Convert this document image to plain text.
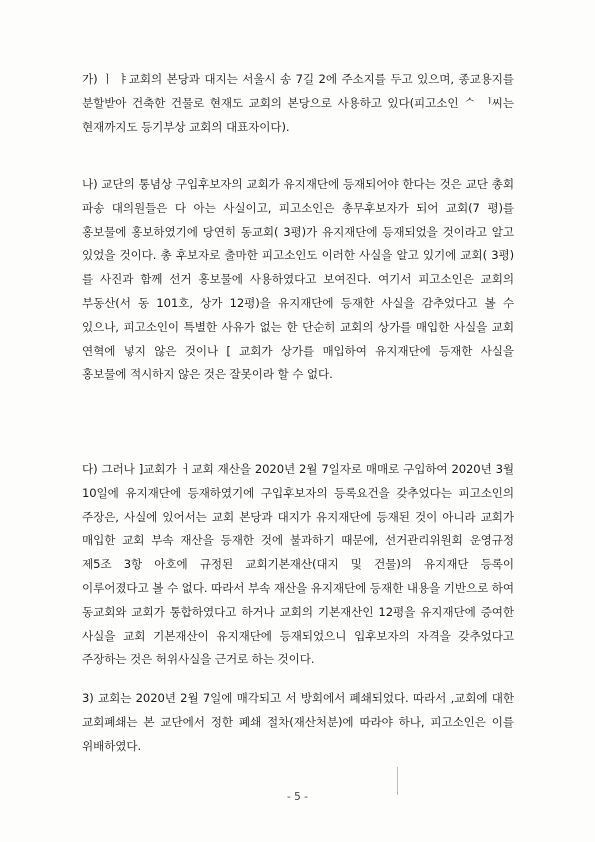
가) ㅣ ㅑ교회의 본당과 대지는 서울시 송 7길 2에 주소지를 두고 있으며, 종교용지를 분할받아 건축한 건물로 현재도 교회의 본당으로 사용하고 있다(피고소인 ᄉ ᅵ씨는 현재까지도 등기부상 교회의 대표자이다).
나) 교단의 통념상 구입후보자의 교회가 유지재단에 등재되어야 한다는 것은 교단 총회 파송 대의원들은 다 아는 사실이고, 피고소인은 총무후보자가 되어 교회(7 평)를 홍보물에 홍보하였기에 당연히 동교회( 3평)가 유지재단에 등재되었을 것이라고 알고 있었을 것이다. 총 후보자로 출마한 피고소인도 이러한 사실을 알고 있기에 교회( 3평)를 사진과 함께 선거 홍보물에 사용하였다고 보여진다. 여기서 피고소인은 교회의 부동산(서 동 101호, 상가 12평)을 유지재단에 등재한 사실을 감추었다고 볼 수 있으나, 피고소인이 특별한 사유가 없는 한 단순히 교회의 상가를 매입한 사실을 교회 연혁에 넣지 않은 것이나 [ 교회가 상가를 매입하여 유지재단에 등재한 사실을 홍보물에 적시하지 않은 것은 잘못이라 할 수 없다.
다) 그러나 ]교회가 ㅓ교회 재산을 2020년 2월 7일자로 매매로 구입하여 2020년 3월 10일에 유지재단에 등재하였기에 구입후보자의 등록요건을 갖추었다는 피고소인의 주장은, 사실에 있어서는 교회 본당과 대지가 유지재단에 등재된 것이 아니라 교회가 매입한 교회 부속 재산을 등재한 것에 불과하기 때문에, 선거관리위원회 운영규정 제5조 3항 아호에 규정된 교회기본재산(대지 및 건물)의 유지재단 등록이 이루어졌다고 볼 수 없다. 따라서 부속 재산을 유지재단에 등재한 내용을 기반으로 하여 동교회와 교회가 통합하였다고 하거나 교회의 기본재산인 12평을 유지재단에 증여한 사실을 교회 기본재산이 유지재단에 등재되었으니 입후보자의 자격을 갖추었다고 주장하는 것은 허위사실을 근거로 하는 것이다.
3) 교회는 2020년 2월 7일에 매각되고 서 방회에서 폐쇄되었다. 따라서 ,교회에 대한 교회폐쇄는 본 교단에서 정한 폐쇄 절차(재산처분)에 따라야 하나, 피고소인은 이를 위배하였다.
- 5 -
